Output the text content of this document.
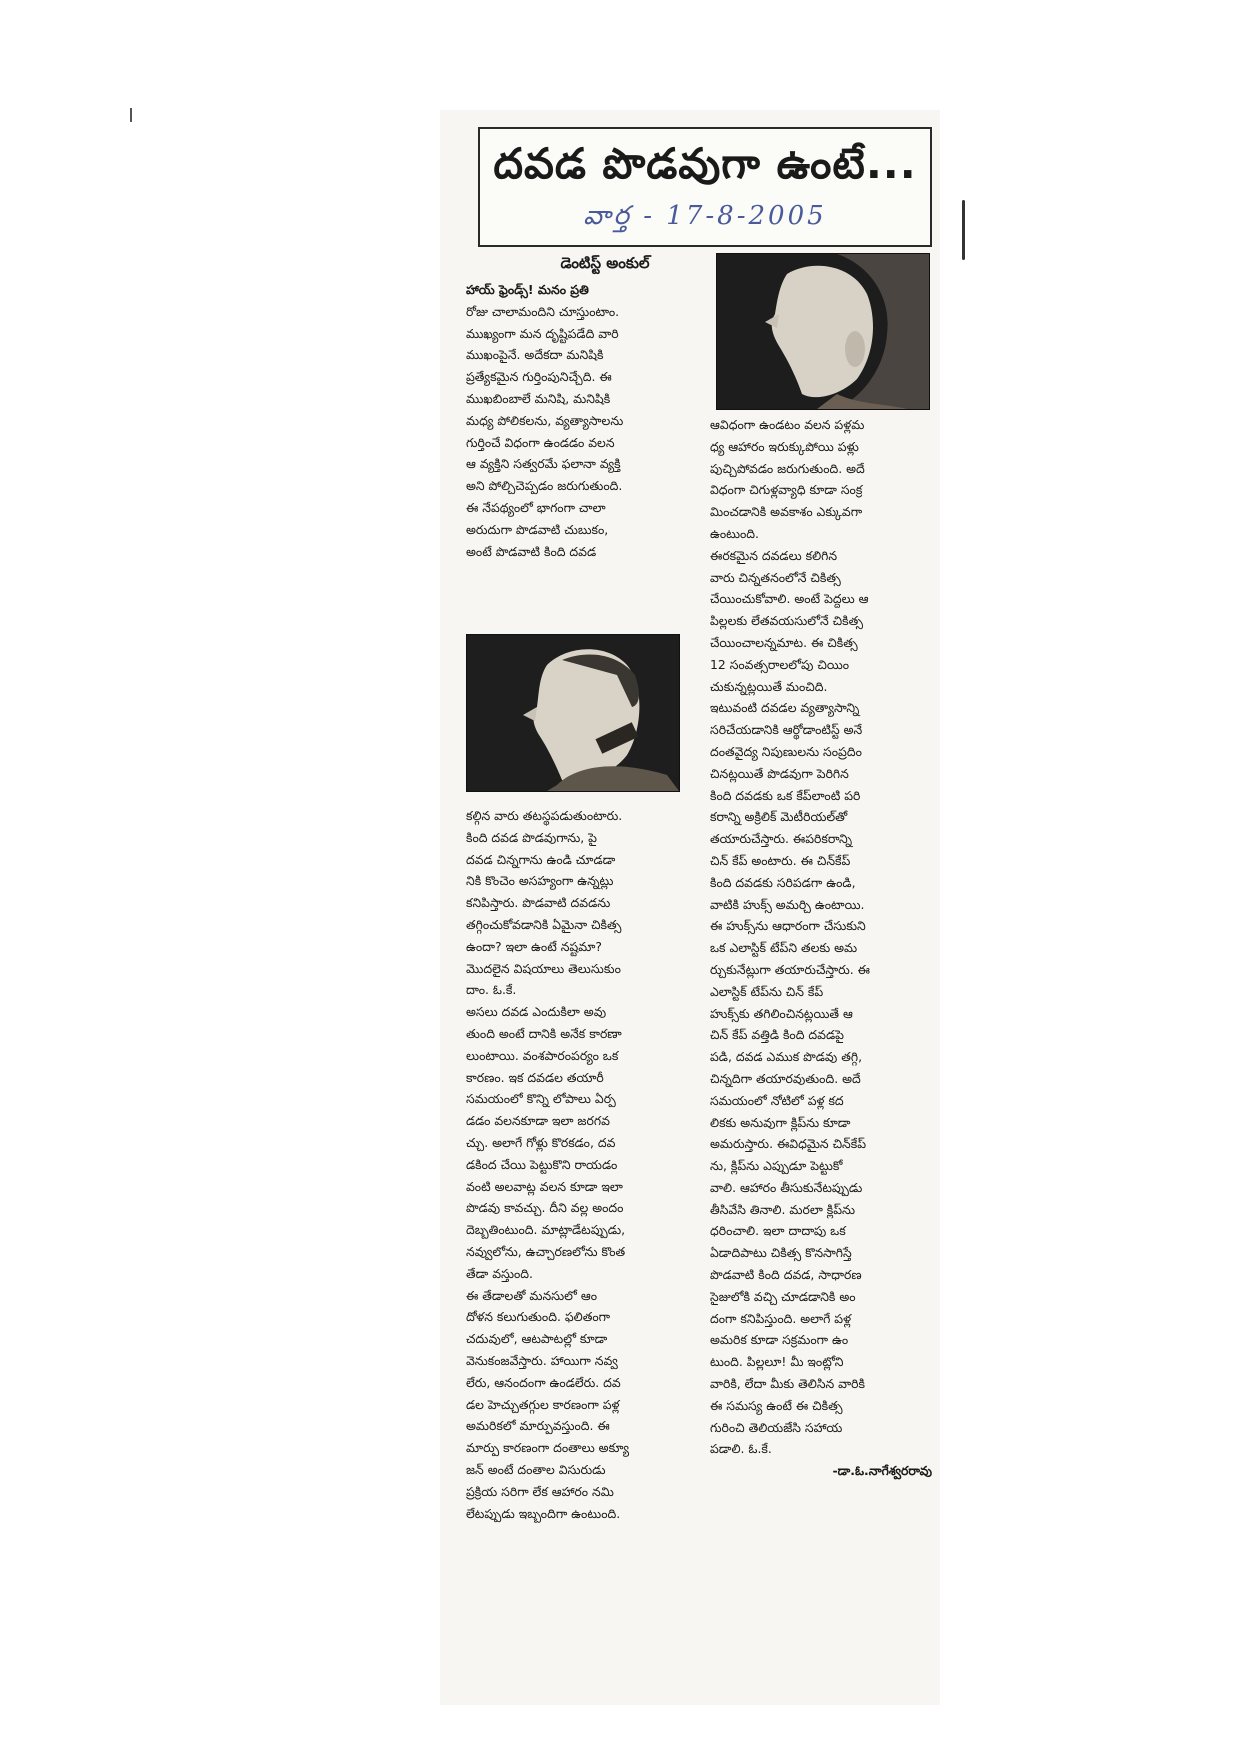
దవడ పొడవుగా ఉంటే...
వార్త - 17-8-2005
డెంటిస్ట్ అంకుల్

హాయ్ ఫ్రెండ్స్! మనం ప్రతి

రోజు చాలామందిని చూస్తుంటాం.

ముఖ్యంగా మన దృష్టిపడేది వారి

ముఖంపైనే. అదేకదా మనిషికి

ప్రత్యేకమైన గుర్తింపునిచ్చేది. ఈ

ముఖబింబాలే మనిషి, మనిషికి

మధ్య పోలికలను, వ్యత్యాసాలను

గుర్తించే విధంగా ఉండడం వలన

ఆ వ్యక్తిని సత్వరమే ఫలానా వ్యక్తి

అని పోల్చిచెప్పడం జరుగుతుంది.

ఈ నేపథ్యంలో భాగంగా చాలా

అరుదుగా పొడవాటి చుబుకం,

అంటే పొడవాటి కింది దవడ

కల్గిన వారు తటస్థపడుతుంటారు.

కింది దవడ పొడవుగాను, పై

దవడ చిన్నగాను ఉండి చూడడా

నికి కొంచెం అసహ్యంగా ఉన్నట్లు

కనిపిస్తారు. పొడవాటి దవడను

తగ్గించుకోవడానికి ఏమైనా చికిత్స

ఉందా? ఇలా ఉంటే నష్టమా?

మొదలైన విషయాలు తెలుసుకుం

దాం. ఓ.కే.

అసలు దవడ ఎందుకిలా అవు

తుంది అంటే దానికి అనేక కారణా

లుంటాయి. వంశపారంపర్యం ఒక

కారణం. ఇక దవడల తయారీ

సమయంలో కొన్ని లోపాలు ఏర్ప

డడం వలనకూడా ఇలా జరగవ

చ్చు. అలాగే గోళ్లు కొరకడం, దవ

డకింద చేయి పెట్టుకొని రాయడం

వంటి అలవాట్ల వలన కూడా ఇలా

పొడవు కావచ్చు. దీని వల్ల అందం

దెబ్బతింటుంది. మాట్లాడేటప్పుడు,

నవ్వులోను, ఉచ్చారణలోను కొంత

తేడా వస్తుంది.

ఈ తేడాలతో మనసులో ఆం

దోళన కలుగుతుంది. ఫలితంగా

చదువులో, ఆటపాటల్లో కూడా

వెనుకంజవేస్తారు. హాయిగా నవ్వ

లేరు, ఆనందంగా ఉండలేరు. దవ

డల హెచ్చుతగ్గుల కారణంగా పళ్ల

అమరికలో మార్పువస్తుంది. ఈ

మార్పు కారణంగా దంతాలు అక్యూ

జన్ అంటే దంతాల విసురుడు

ప్రక్రియ సరిగా లేక ఆహారం నమి

లేటప్పుడు ఇబ్బందిగా ఉంటుంది.

ఆవిధంగా ఉండటం వలన పళ్లమ

ధ్య ఆహారం ఇరుక్కుపోయి పళ్లు

పుచ్చిపోవడం జరుగుతుంది. అదే

విధంగా చిగుళ్లవ్యాధి కూడా సంక్ర

మించడానికి అవకాశం ఎక్కువగా

ఉంటుంది.

ఈరకమైన దవడలు కలిగిన

వారు చిన్నతనంలోనే చికిత్స

చేయించుకోవాలి. అంటే పెద్దలు ఆ

పిల్లలకు లేతవయసులోనే చికిత్స

చేయించాలన్నమాట. ఈ చికిత్స

12 సంవత్సరాలలోపు చియిం

చుకున్నట్లయితే మంచిది.

ఇటువంటి దవడల వ్యత్యాసాన్ని

సరిచేయడానికి ఆర్థోడాంటిస్ట్ అనే

దంతవైద్య నిపుణులను సంప్రదిం

చినట్లయితే పొడవుగా పెరిగిన

కింది దవడకు ఒక కేప్‌లాంటి పరి

కరాన్ని అక్రిలిక్ మెటీరియల్‌తో

తయారుచేస్తారు. ఈపరికరాన్ని

చిన్ కేప్ అంటారు. ఈ చిన్‌కేప్

కింది దవడకు సరిపడగా ఉండి,

వాటికి హుక్స్ అమర్చి ఉంటాయి.

ఈ హుక్స్‌ను ఆధారంగా చేసుకుని

ఒక ఎలాస్టిక్ టేప్‌ని తలకు అమ

ర్చుకునేట్లుగా తయారుచేస్తారు. ఈ

ఎలాస్టిక్ టేప్‌ను చిన్ కేప్

హుక్స్‌కు తగిలించినట్లయితే ఆ

చిన్ కేప్ వత్తిడి కింది దవడపై

పడి, దవడ ఎముక పొడవు తగ్గి,

చిన్నదిగా తయారవుతుంది. అదే

సమయంలో నోటిలో పళ్ల కద

లికకు అనువుగా క్లిప్‌ను కూడా

అమరుస్తారు. ఈవిధమైన చిన్‌కేప్

ను, క్లిప్‌ను ఎప్పుడూ పెట్టుకో

వాలి. ఆహారం తీసుకునేటప్పుడు

తీసివేసి తినాలి. మరలా క్లిప్‌ను

ధరించాలి. ఇలా దాదాపు ఒక

ఏడాదిపాటు చికిత్స కొనసాగిస్తే

పొడవాటి కింది దవడ, సాధారణ

సైజులోకి వచ్చి చూడడానికి అం

దంగా కనిపిస్తుంది. అలాగే పళ్ల

అమరిక కూడా సక్రమంగా ఉం

టుంది. పిల్లలూ! మీ ఇంట్లోని

వారికి, లేదా మీకు తెలిసిన వారికి

ఈ సమస్య ఉంటే ఈ చికిత్స

గురించి తెలియజేసి సహాయ

పడాలి. ఓ.కే.

-డా.ఓ.నాగేశ్వరరావు
